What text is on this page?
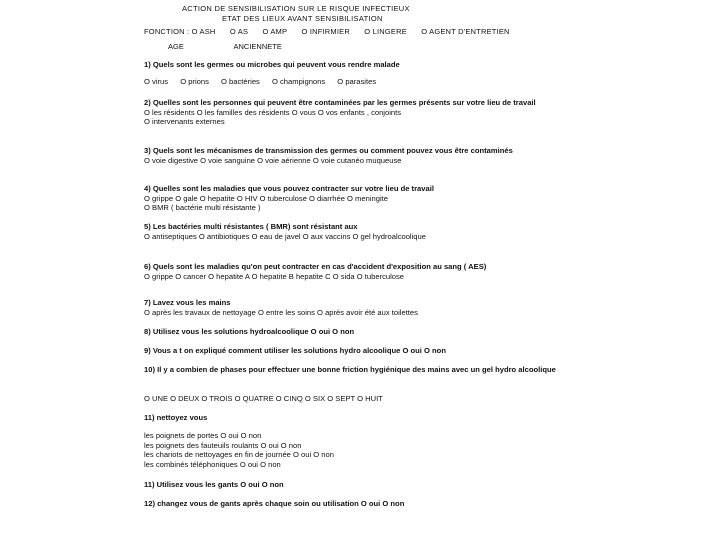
ACTION DE SENSIBILISATION SUR LE RISQUE INFECTIEUX
ETAT DES LIEUX AVANT SENSIBILISATION
FONCTION : O ASH O AS O AMP O INFIRMIER O LINGERE O AGENT D'ENTRETIEN
AGE	ANCIENNETE
1) Quels sont les germes ou microbes qui peuvent vous rendre malade
O virus O prions O bactéries O champignons O parasites
2) Quelles sont les personnes qui peuvent être contaminées par les germes présents sur votre lieu de travail
O les résidents O les familles des résidents O vous O vos enfants , conjoints
O intervenants externes
3) Quels sont les mécanismes de transmission des germes ou comment pouvez vous être contaminés
O voie digestive O voie sanguine O voie aérienne O voie cutanéo muqueuse
4) Quelles sont les maladies que vous pouvez contracter sur votre lieu de travail
O grippe O gale O hepatite O HIV O tuberculose O diarrhée O meningite
O BMR ( bactérie multi résistante )
5) Les bactéries multi résistantes ( BMR) sont résistant aux
O antiseptiques O antibiotiques O eau de javel O aux vaccins O gel hydroalcoolique
6) Quels sont les maladies qu'on peut contracter en cas d'accident d'exposition au sang ( AES)
O grippe O cancer O hepatite A O hepatite B hepatite C O sida O tuberculose
7) Lavez vous les mains
O après les travaux de nettoyage O entre les soins O après avoir été aux toilettes
8) Utilisez vous les solutions hydroalcoolique O oui O non
9) Vous a t on expliqué comment utiliser les solutions hydro alcoolique O oui O non
10) Il y a combien de phases pour effectuer une bonne friction hygiénique des mains avec un gel hydro alcoolique
O UNE O DEUX O TROIS O QUATRE O CINQ O SIX O SEPT O HUIT
11) nettoyez vous
les poignets de portes O oui O non
les poignets des fauteuils roulants O oui O non
les chariots de nettoyages en fin de journée O oui O non
les combinés téléphoniques O oui O non
11) Utilisez vous les gants O oui O non
12) changez vous de gants après chaque soin ou utilisation O oui O non
